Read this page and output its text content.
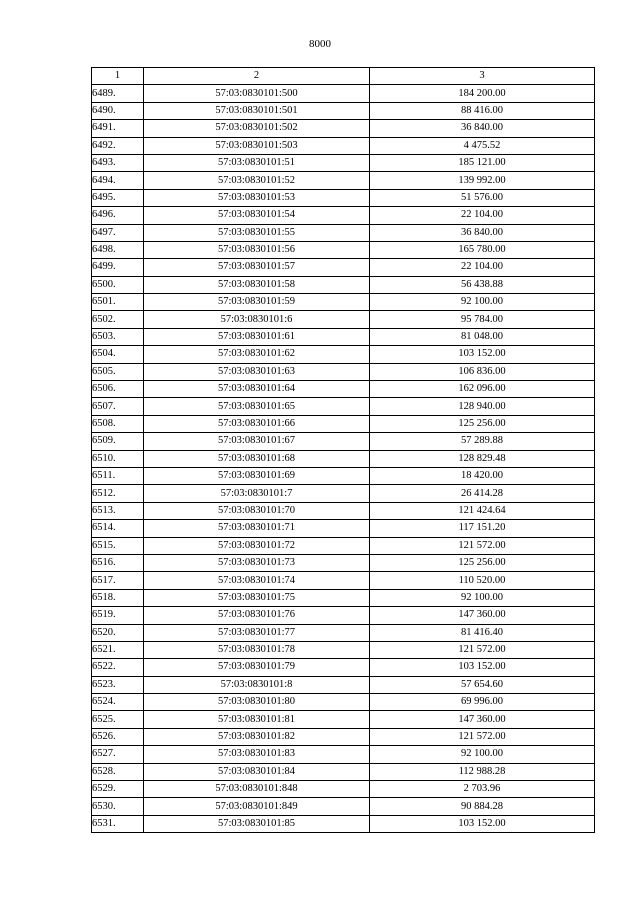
8000
1	2	3
6489.	57:03:0830101:500	184 200.00
6490.	57:03:0830101:501	88 416.00
6491.	57:03:0830101:502	36 840.00
6492.	57:03:0830101:503	4 475.52
6493.	57:03:0830101:51	185 121.00
6494.	57:03:0830101:52	139 992.00
6495.	57:03:0830101:53	51 576.00
6496.	57:03:0830101:54	22 104.00
6497.	57:03:0830101:55	36 840.00
6498.	57:03:0830101:56	165 780.00
6499.	57:03:0830101:57	22 104.00
6500.	57:03:0830101:58	56 438.88
6501.	57:03:0830101:59	92 100.00
6502.	57:03:0830101:6	95 784.00
6503.	57:03:0830101:61	81 048.00
6504.	57:03:0830101:62	103 152.00
6505.	57:03:0830101:63	106 836.00
6506.	57:03:0830101:64	162 096.00
6507.	57:03:0830101:65	128 940.00
6508.	57:03:0830101:66	125 256.00
6509.	57:03:0830101:67	57 289.88
6510.	57:03:0830101:68	128 829.48
6511.	57:03:0830101:69	18 420.00
6512.	57:03:0830101:7	26 414.28
6513.	57:03:0830101:70	121 424.64
6514.	57:03:0830101:71	117 151.20
6515.	57:03:0830101:72	121 572.00
6516.	57:03:0830101:73	125 256.00
6517.	57:03:0830101:74	110 520.00
6518.	57:03:0830101:75	92 100.00
6519.	57:03:0830101:76	147 360.00
6520.	57:03:0830101:77	81 416.40
6521.	57:03:0830101:78	121 572.00
6522.	57:03:0830101:79	103 152.00
6523.	57:03:0830101:8	57 654.60
6524.	57:03:0830101:80	69 996.00
6525.	57:03:0830101:81	147 360.00
6526.	57:03:0830101:82	121 572.00
6527.	57:03:0830101:83	92 100.00
6528.	57:03:0830101:84	112 988.28
6529.	57:03:0830101:848	2 703.96
6530.	57:03:0830101:849	90 884.28
6531.	57:03:0830101:85	103 152.00
